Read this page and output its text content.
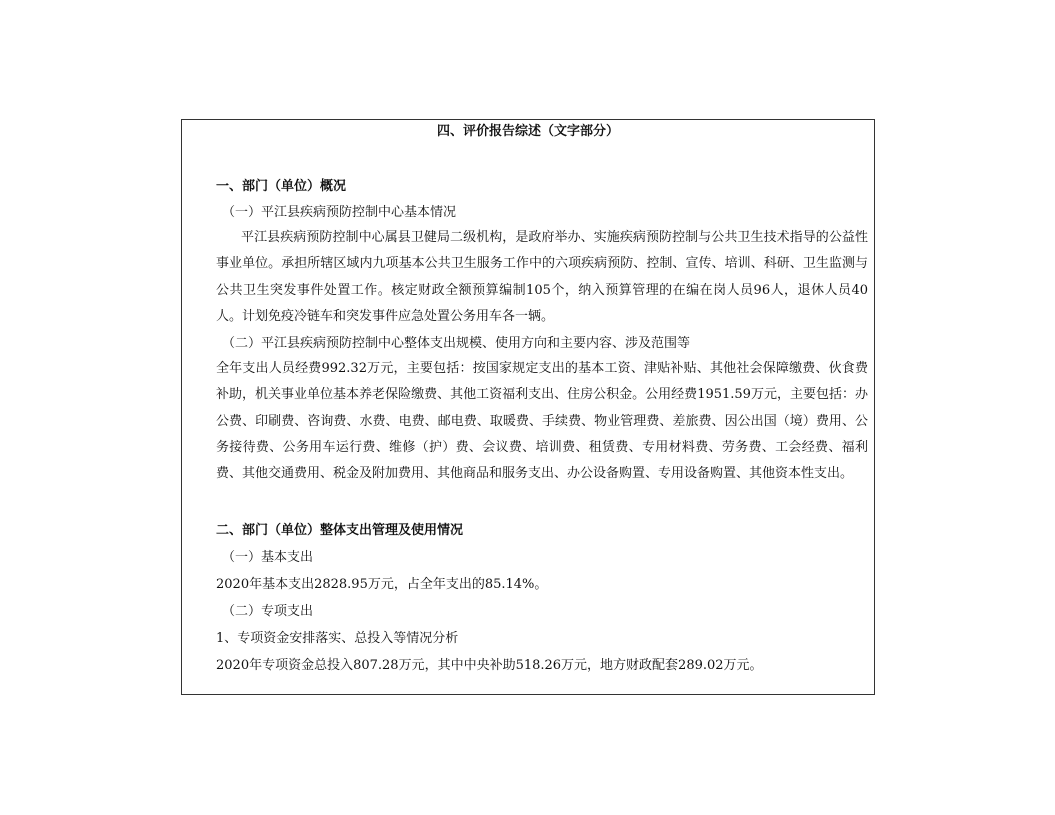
四、评价报告综述（文字部分）
一、部门（单位）概况
（一）平江县疾病预防控制中心基本情况
平江县疾病预防控制中心属县卫健局二级机构，是政府举办、实施疾病预防控制与公共卫生技术指导的公益性事业单位。承担所辖区域内九项基本公共卫生服务工作中的六项疾病预防、控制、宣传、培训、科研、卫生监测与公共卫生突发事件处置工作。核定财政全额预算编制105个，纳入预算管理的在编在岗人员96人，退休人员40人。计划免疫冷链车和突发事件应急处置公务用车各一辆。
（二）平江县疾病预防控制中心整体支出规模、使用方向和主要内容、涉及范围等
全年支出人员经费992.32万元，主要包括：按国家规定支出的基本工资、津贴补贴、其他社会保障缴费、伙食费补助，机关事业单位基本养老保险缴费、其他工资福利支出、住房公积金。公用经费1951.59万元，主要包括：办公费、印刷费、咨询费、水费、电费、邮电费、取暖费、手续费、物业管理费、差旅费、因公出国（境）费用、公务接待费、公务用车运行费、维修（护）费、会议费、培训费、租赁费、专用材料费、劳务费、工会经费、福利费、其他交通费用、税金及附加费用、其他商品和服务支出、办公设备购置、专用设备购置、其他资本性支出。
二、部门（单位）整体支出管理及使用情况
（一）基本支出
2020年基本支出2828.95万元，占全年支出的85.14%。
（二）专项支出
1、专项资金安排落实、总投入等情况分析
2020年专项资金总投入807.28万元，其中中央补助518.26万元，地方财政配套289.02万元。
